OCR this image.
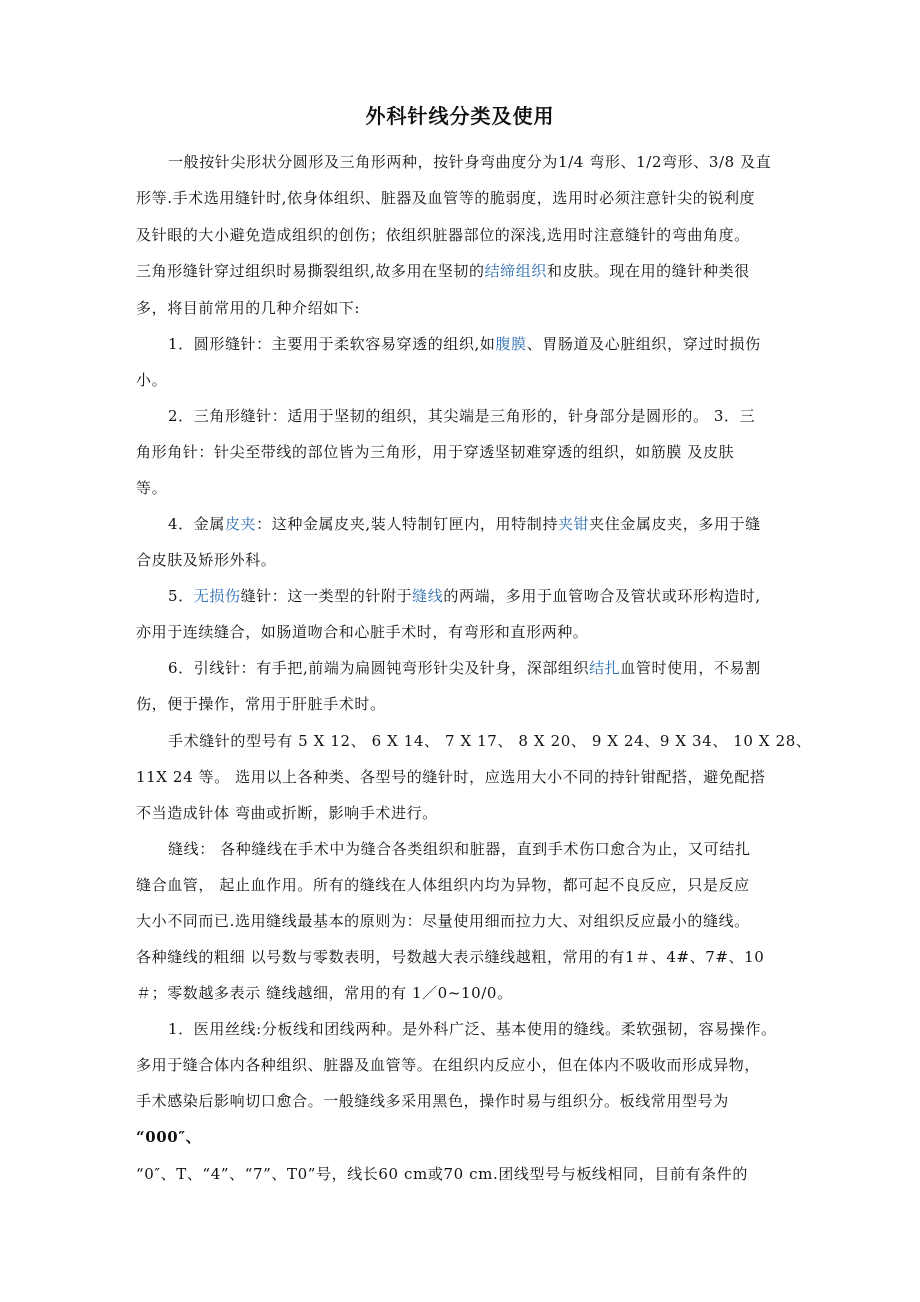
外科针线分类及使用
一般按针尖形状分圆形及三角形两种，按针身弯曲度分为1/4 弯形、1/2弯形、3/8 及直
形等.手术选用缝针时,依身体组织、脏器及血管等的脆弱度，选用时必须注意针尖的锐利度
及针眼的大小避免造成组织的创伤；依组织脏器部位的深浅,选用时注意缝针的弯曲角度。
三角形缝针穿过组织时易撕裂组织,故多用在坚韧的结缔组织和皮肤。现在用的缝针种类很
多，将目前常用的几种介绍如下:
1．圆形缝针：主要用于柔软容易穿透的组织,如腹膜、胃肠道及心脏组织，穿过时损伤
小。
2．三角形缝针：适用于坚韧的组织，其尖端是三角形的，针身部分是圆形的。 3．三
角形角针：针尖至带线的部位皆为三角形，用于穿透坚韧难穿透的组织，如筋膜 及皮肤
等。
4．金属皮夹：这种金属皮夹,装人特制钉匣内，用特制持夹钳夹住金属皮夹，多用于缝
合皮肤及矫形外科。
5．无损伤缝针：这一类型的针附于缝线的两端，多用于血管吻合及管状或环形构造时,
亦用于连续缝合，如肠道吻合和心脏手术时，有弯形和直形两种。
6．引线针：有手把,前端为扁圆钝弯形针尖及针身，深部组织结扎血管时使用，不易割
伤，便于操作，常用于肝脏手术时。
手术缝针的型号有 5 X 12、 6 X 14、 7 X 17、 8 X 20、 9 X 24、9 X 34、 10 X 28、
11X 24 等。 选用以上各种类、各型号的缝针时，应选用大小不同的持针钳配搭，避免配搭
不当造成针体 弯曲或折断，影响手术进行。
缝线： 各种缝线在手术中为缝合各类组织和脏器，直到手术伤口愈合为止，又可结扎
缝合血管， 起止血作用。所有的缝线在人体组织内均为异物，都可起不良反应，只是反应
大小不同而已.选用缝线最基本的原则为：尽量使用细而拉力大、对组织反应最小的缝线。
各种缝线的粗细 以号数与零数表明，号数越大表示缝线越粗，常用的有1＃、4#、7#、10
＃；零数越多表示 缝线越细，常用的有 1／0~10/0。
1．医用丝线:分板线和团线两种。是外科广泛、基本使用的缝线。柔软强韧，容易操作。
多用于缝合体内各种组织、脏器及血管等。在组织内反应小，但在体内不吸收而形成异物，
手术感染后影响切口愈合。一般缝线多采用黑色，操作时易与组织分。板线常用型号为
“000″、
“0″、T、“4”、“7”、T0”号，线长60 cm或70 cm.团线型号与板线相同，目前有条件的
